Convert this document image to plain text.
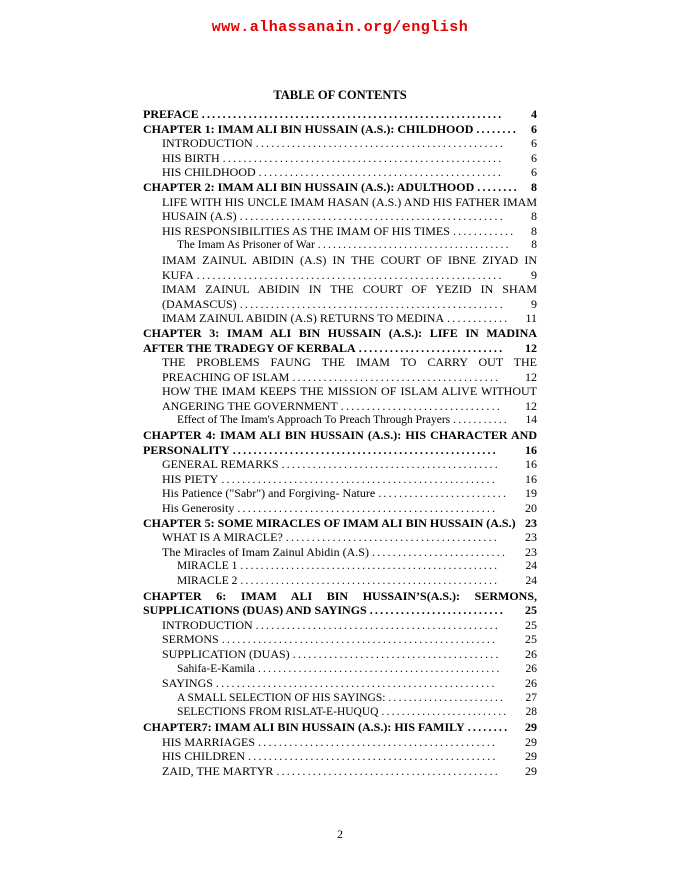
www.alhassanain.org/english
TABLE OF CONTENTS
PREFACE .......................................................... 4
CHAPTER 1: IMAM ALI BIN HUSSAIN (A.S.): CHILDHOOD ........ 6
INTRODUCTION ................................................ 6
HIS BIRTH ...................................................... 6
HIS CHILDHOOD ............................................... 6
CHAPTER 2: IMAM ALI BIN HUSSAIN (A.S.): ADULTHOOD ........ 8
LIFE WITH HIS UNCLE IMAM HASAN (A.S.) AND HIS FATHER IMAM HUSAIN (A.S) ................................................... 8
HIS RESPONSIBILITIES AS THE IMAM OF HIS TIMES ............ 8
The Imam As Prisoner of War ...................................... 8
IMAM ZAINUL ABIDIN (A.S) IN THE COURT OF IBNE ZIYAD IN KUFA ........................................................... 9
IMAM ZAINUL ABIDIN IN THE COURT OF YEZID IN SHAM (DAMASCUS) ................................................... 9
IMAM ZAINUL ABIDIN (A.S) RETURNS TO MEDINA ............ 11
CHAPTER 3: IMAM ALI BIN HUSSAIN (A.S.): LIFE IN MADINA AFTER THE TRADEGY OF KERBALA ............................ 12
THE PROBLEMS FAUNG THE IMAM TO CARRY OUT THE PREACHING OF ISLAM ........................................ 12
HOW THE IMAM KEEPS THE MISSION OF ISLAM ALIVE WITHOUT ANGERING THE GOVERNMENT ............................... 12
Effect of The Imam's Approach To Preach Through Prayers ........... 14
CHAPTER 4: IMAM ALI BIN HUSSAIN (A.S.): HIS CHARACTER AND PERSONALITY ................................................... 16
GENERAL REMARKS .......................................... 16
HIS PIETY ..................................................... 16
His Patience ("Sabr") and Forgiving- Nature ......................... 19
His Generosity .................................................. 20
CHAPTER 5: SOME MIRACLES OF IMAM ALI BIN HUSSAIN (A.S.) 23
WHAT IS A MIRACLE? ......................................... 23
The Miracles of Imam Zainul Abidin (A.S) .......................... 23
MIRACLE 1 ................................................... 24
MIRACLE 2 ................................................... 24
CHAPTER 6: IMAM ALI BIN HUSSAIN’S(A.S.): SERMONS, SUPPLICATIONS (DUAS) AND SAYINGS .......................... 25
INTRODUCTION ............................................... 25
SERMONS ..................................................... 25
SUPPLICATION (DUAS) ........................................ 26
Sahifa-E-Kamila ................................................ 26
SAYINGS ...................................................... 26
A SMALL SELECTION OF HIS SAYINGS: ....................... 27
SELECTIONS FROM RISLAT-E-HUQUQ ......................... 28
CHAPTER7: IMAM ALI BIN HUSSAIN (A.S.): HIS FAMILY ........ 29
HIS MARRIAGES .............................................. 29
HIS CHILDREN ................................................ 29
ZAID, THE MARTYR ........................................... 29
2
